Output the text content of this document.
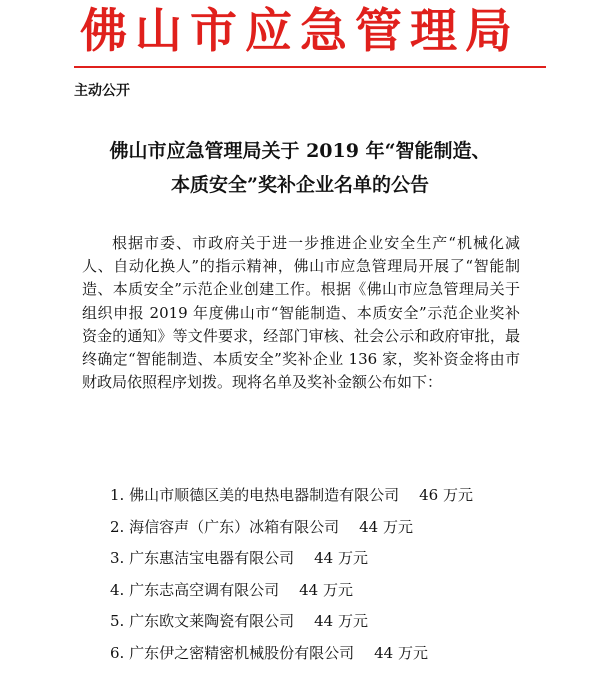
佛山市应急管理局
主动公开
佛山市应急管理局关于 2019 年“智能制造、
本质安全”奖补企业名单的公告

根据市委、市政府关于进一步推进企业安全生产“机械化减人、自动化换人”的指示精神，佛山市应急管理局开展了“智能制造、本质安全”示范企业创建工作。根据《佛山市应急管理局关于组织申报 2019 年度佛山市“智能制造、本质安全”示范企业奖补资金的通知》等文件要求，经部门审核、社会公示和政府审批，最终确定“智能制造、本质安全”奖补企业 136 家，奖补资金将由市财政局依照程序划拨。现将名单及奖补金额公布如下：

1. 佛山市顺德区美的电热电器制造有限公司 46 万元
2. 海信容声（广东）冰箱有限公司 44 万元
3. 广东惠洁宝电器有限公司 44 万元
4. 广东志高空调有限公司 44 万元
5. 广东欧文莱陶瓷有限公司 44 万元
6. 广东伊之密精密机械股份有限公司 44 万元
